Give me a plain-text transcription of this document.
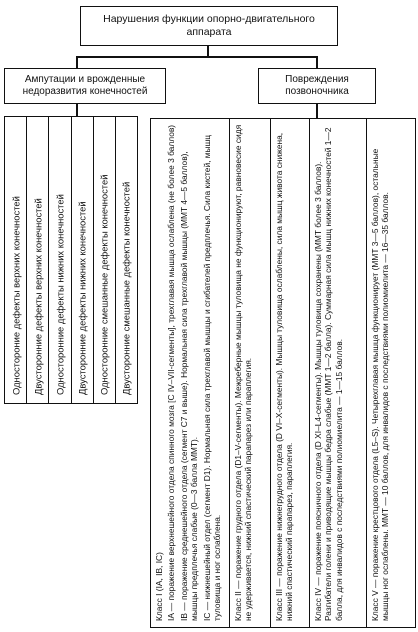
Нарушения функции опорно-двигательного аппарата
Ампутации и врожденные недоразвития конечностей
Повреждения позвоночника
Одностороние дефекты верхних конечностей Двусторонние дефекты верхних конечностей Односторонние дефекты нижних конечностей Двусторонние дефекты нижних конечностей Односторонние смешанные дефекты конечностей Двусторонние смешанные дефекты конечностей

Класс I (IA, IB, IC) IA — поражение верхнешейного отдела спинного мозга [C IV–VII-сегменты], трехглавая мышца ослаблена (не более 3 баллов) IB — поражение среднешейного отдела (сегмент C7 и выше). Нормальная сила трехглавой мышцы (ММТ 4—5 баллов), мышцы предплечья слабые (0—3 балла ММТ). IC — нижнешейный отдел (сегмент D1). Нормальная сила трехглавой мышцы и сгибателей предплечья. Сила кистей, мышц туловища и ног ослаблена. Класс II — поражение грудного отдела (D1–V-сегменты). Межреберные мышцы туловища не функционируют, равновесие сидя не удерживается, нижний спастический парапарез или параплегия. Класс III — поражение нижнегрудного отдела (D VI–X-сегменты). Мышцы туловища ослаблены, сила мышц живота снижена, нижний спастический парапарез, параплегия. Класс IV — поражение поясничного отдела (D XI–L4-сегменты). Мышцы туловища сохранены (ММТ более 3 баллов). Разгибатели голени и приводящие мышцы бедра слабые (ММТ 1—2 балла). Суммарная сила мышц нижних конечностей 1—2 балла, для инвалидов с последствиями полиомиелита — 1—15 баллов.	Класс V — поражение крестцового отдела (L5–S). Четырехглавая мышца функционирует (ММТ 3—5 баллов), остальные мышцы ног ослаблены. ММТ — 10 баллов, для инвалидов с последствиями полиомиелита — 16—35 баллов.
